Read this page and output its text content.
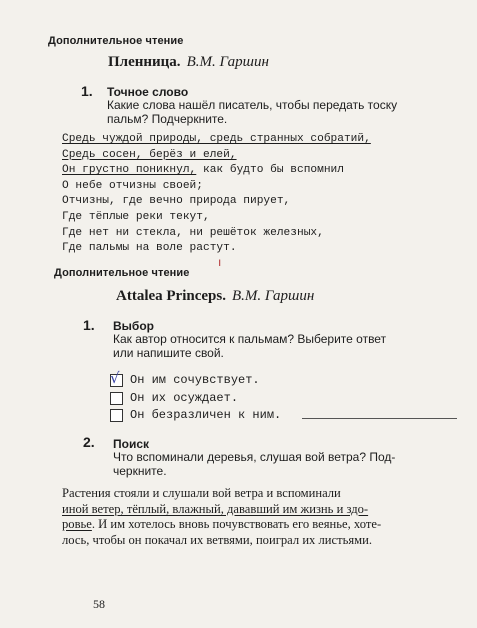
Дополнительное чтение
Пленница. В.М. Гаршин
1. Точное слово
Какие слова нашёл писатель, чтобы передать тоску
пальм? Подчеркните.
Средь чуждой природы, средь странных собратий,
Средь сосен, берёз и елей,
Он грустно поникнул, как будто бы вспомнил
О небе отчизны своей;
Отчизны, где вечно природа пирует,
Где тёплые реки текут,
Где нет ни стекла, ни решёток железных,
Где пальмы на воле растут.
ı
Дополнительное чтение
Attalea Princeps. В.М. Гаршин
1. Выбор
Как автор относится к пальмам? Выберите ответ
или напишите свой.
√ Он им сочувствует.
Он их осуждает.
Он безразличен к ним.
2. Поиск
Что вспоминали деревья, слушая вой ветра? Под-
черкните.
Растения стояли и слушали вой ветра и вспоминали
иной ветер, тёплый, влажный, дававший им жизнь и здо-
ровье. И им хотелось вновь почувствовать его веянье, хоте-
лось, чтобы он покачал их ветвями, поиграл их листьями.
58
